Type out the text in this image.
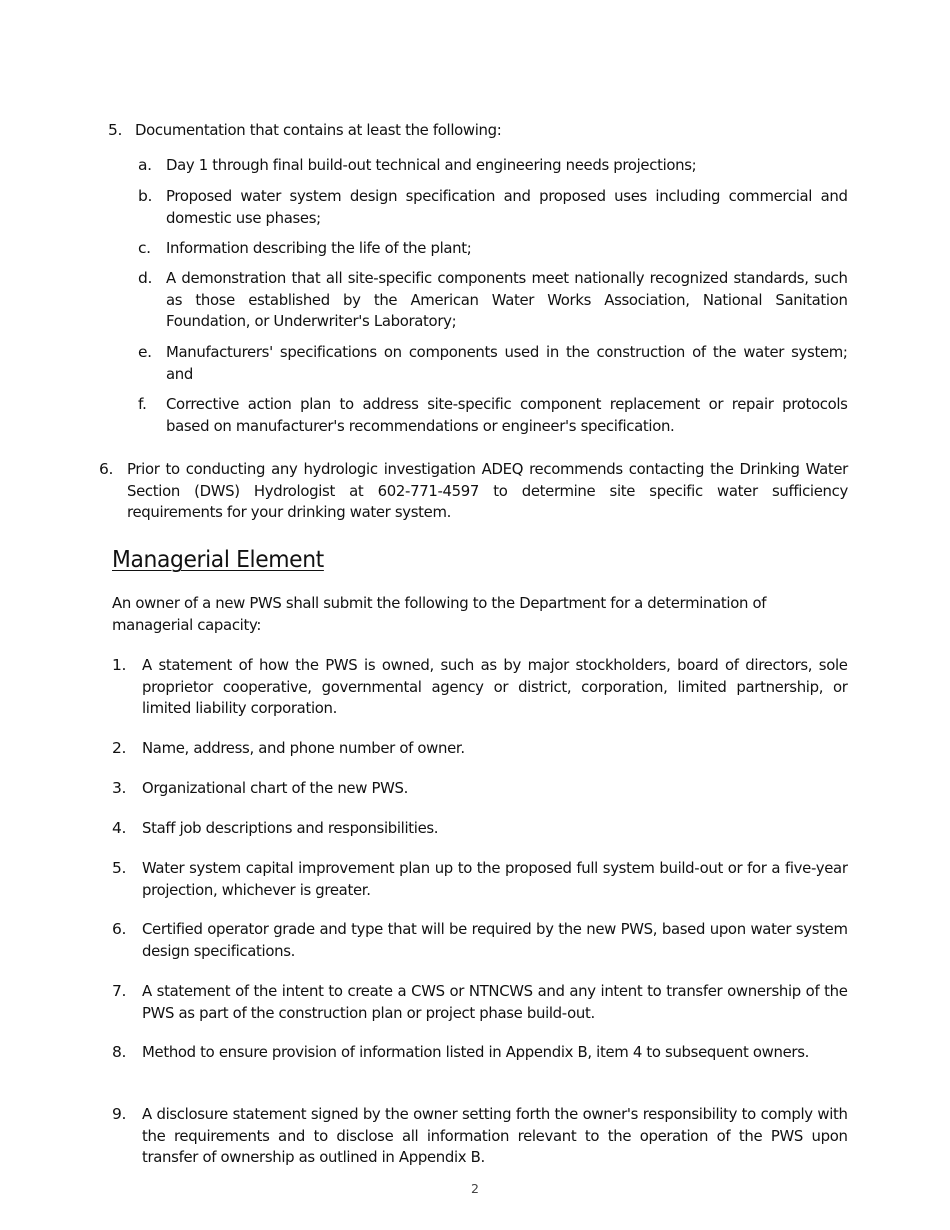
5. Documentation that contains at least the following:
a. Day 1 through final build-out technical and engineering needs projections;
b. Proposed water system design specification and proposed uses including commercial and domestic use phases;
c. Information describing the life of the plant;
d. A demonstration that all site-specific components meet nationally recognized standards, such as those established by the American Water Works Association, National Sanitation Foundation, or Underwriter's Laboratory;
e. Manufacturers' specifications on components used in the construction of the water system; and
f. Corrective action plan to address site-specific component replacement or repair protocols based on manufacturer's recommendations or engineer's specification.
6. Prior to conducting any hydrologic investigation ADEQ recommends contacting the Drinking Water Section (DWS) Hydrologist at 602-771-4597 to determine site specific water sufficiency requirements for your drinking water system.
Managerial Element
An owner of a new PWS shall submit the following to the Department for a determination of managerial capacity:
1. A statement of how the PWS is owned, such as by major stockholders, board of directors, sole proprietor cooperative, governmental agency or district, corporation, limited partnership, or limited liability corporation.
2. Name, address, and phone number of owner.
3. Organizational chart of the new PWS.
4. Staff job descriptions and responsibilities.
5. Water system capital improvement plan up to the proposed full system build-out or for a five-year projection, whichever is greater.
6. Certified operator grade and type that will be required by the new PWS, based upon water system design specifications.
7. A statement of the intent to create a CWS or NTNCWS and any intent to transfer ownership of the PWS as part of the construction plan or project phase build-out.
8. Method to ensure provision of information listed in Appendix B, item 4 to subsequent owners.
9. A disclosure statement signed by the owner setting forth the owner's responsibility to comply with the requirements and to disclose all information relevant to the operation of the PWS upon transfer of ownership as outlined in Appendix B.
2
